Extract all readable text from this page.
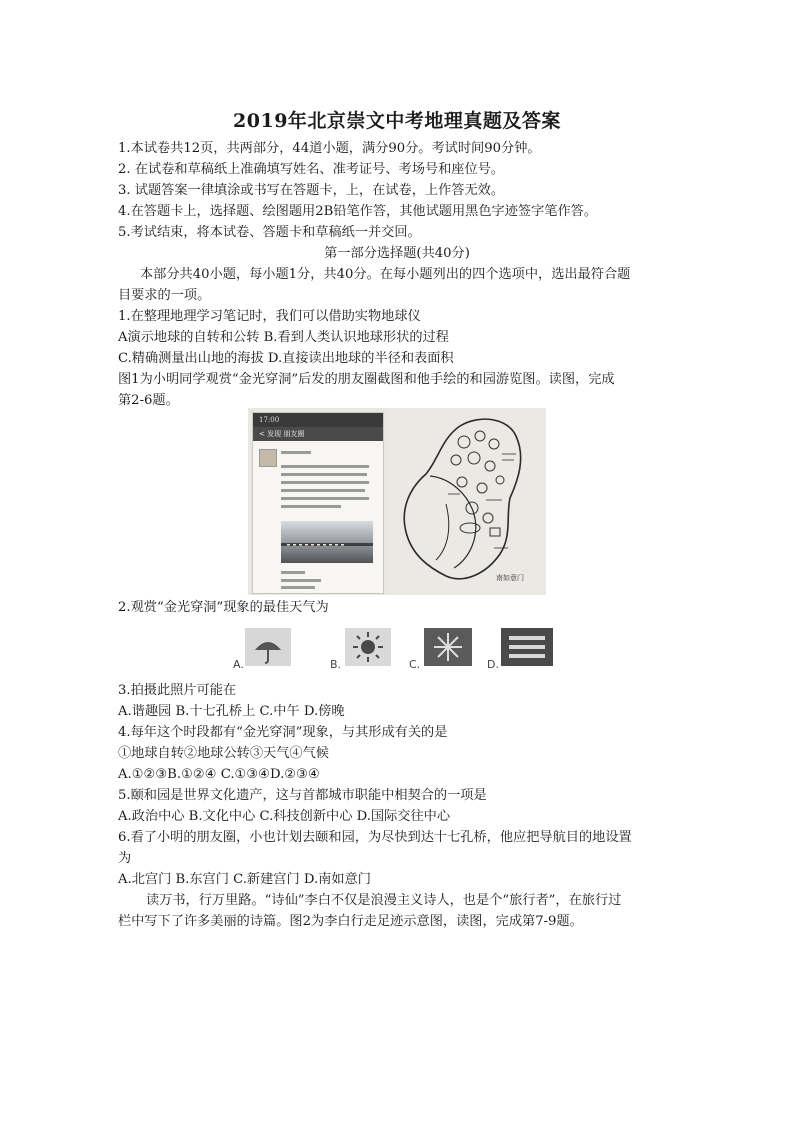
2019年北京崇文中考地理真题及答案
1.本试卷共12页，共两部分，44道小题，满分90分。考试时间90分钟。
2. 在试卷和草稿纸上准确填写姓名、准考证号、考场号和座位号。
3. 试题答案一律填涂或书写在答题卡，上，在试卷，上作答无效。
4.在答题卡上，选择题、绘图题用2B铅笔作答，其他试题用黑色字迹签字笔作答。
5.考试结束，将本试卷、答题卡和草稿纸一并交回。
第一部分选择题(共40分)
本部分共40小题，每小题1分，共40分。在每小题列出的四个选项中，选出最符合题
目要求的一项。
1.在整理地理学习笔记时，我们可以借助实物地球仪
A演示地球的自转和公转 B.看到人类认识地球形状的过程
C.精确测量出山地的海拔 D.直接读出地球的半径和表面积
图1为小明同学观赏“金光穿洞”后发的朋友圈截图和他手绘的和园游览图。读图，完成
第2-6题。
17:00
< 发现 朋友圈
南如意门
2.观赏“金光穿洞”现象的最佳天气为
A.	B.	C.	D.
3.拍摄此照片可能在
A.谐趣园 B.十七孔桥上 C.中午 D.傍晚
4.每年这个时段都有“金光穿洞”现象，与其形成有关的是
①地球自转②地球公转③天气④气候
A.①②③B.①②④ C.①③④D.②③④
5.颐和园是世界文化遗产，这与首都城市职能中相契合的一项是
A.政治中心 B.文化中心 C.科技创新中心 D.国际交往中心
6.看了小明的朋友圈，小也计划去颐和园，为尽快到达十七孔桥，他应把导航目的地设置
为
A.北宫门 B.东宫门 C.新建宫门 D.南如意门
读万书，行万里路。“诗仙”李白不仅是浪漫主义诗人，也是个“旅行者”，在旅行过
栏中写下了许多美丽的诗篇。图2为李白行走足迹示意图，读图，完成第7-9题。
